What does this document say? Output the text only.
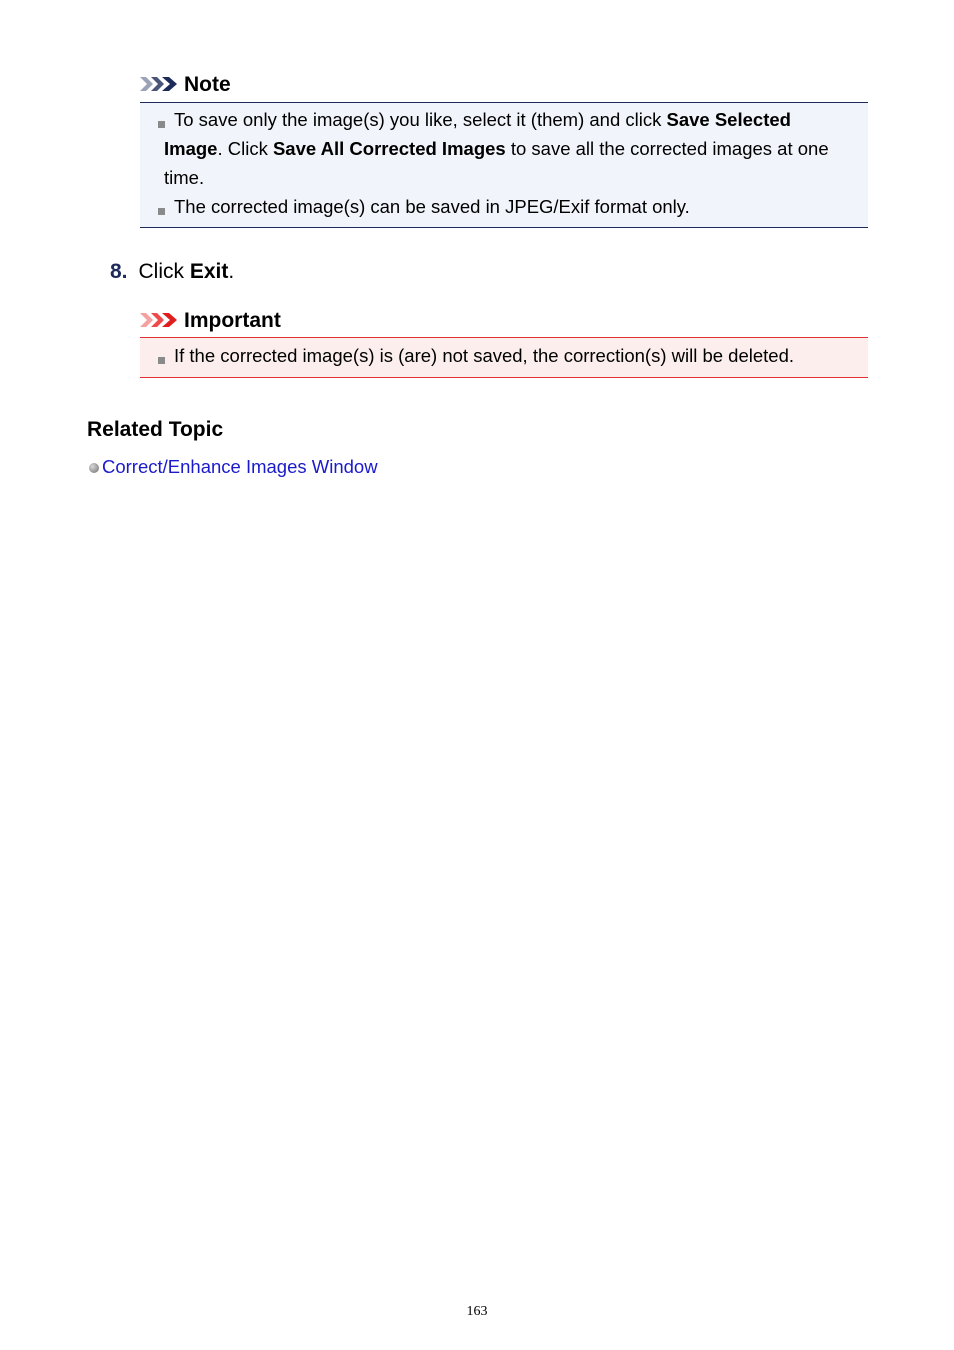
Note
To save only the image(s) you like, select it (them) and click Save Selected
Image. Click Save All Corrected Images to save all the corrected images at one
time.
The corrected image(s) can be saved in JPEG/Exif format only.
8. Click Exit.
Important
If the corrected image(s) is (are) not saved, the correction(s) will be deleted.
Related Topic
Correct/Enhance Images Window
163
